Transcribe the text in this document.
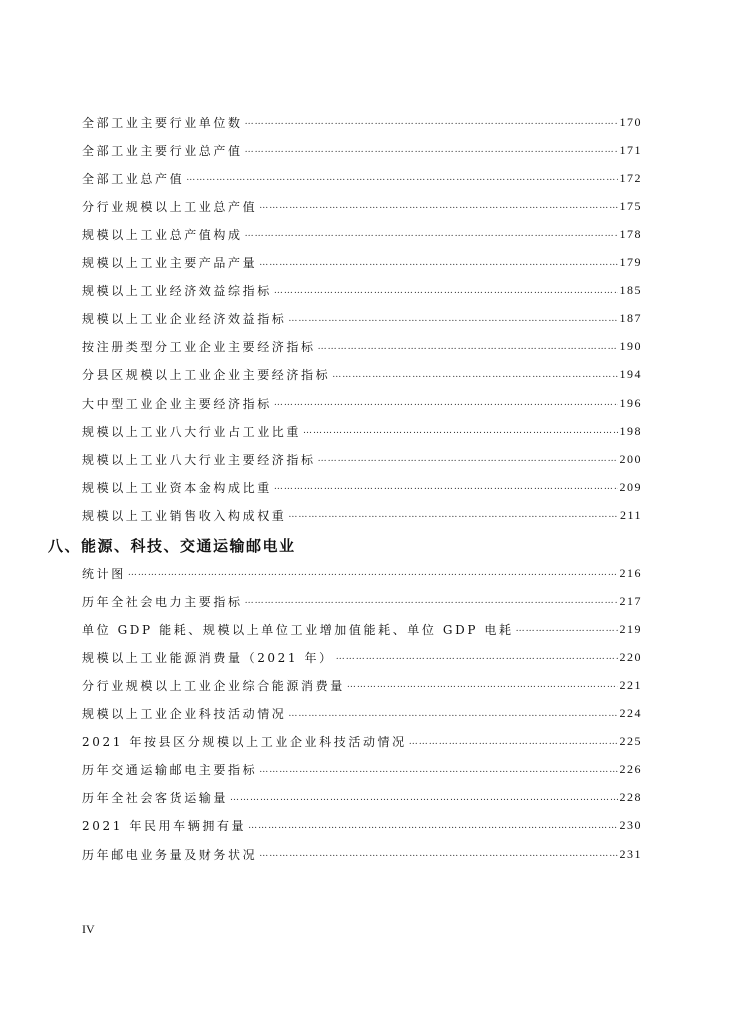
全部工业主要行业单位数 ……………………………………………………………………………………………………………………………………………………………………………………………	170
全部工业主要行业总产值 ……………………………………………………………………………………………………………………………………………………………………………………………	171
全部工业总产值 ……………………………………………………………………………………………………………………………………………………………………………………………	172
分行业规模以上工业总产值 ……………………………………………………………………………………………………………………………………………………………………………………………	175
规模以上工业总产值构成 ……………………………………………………………………………………………………………………………………………………………………………………………	178
规模以上工业主要产品产量 ……………………………………………………………………………………………………………………………………………………………………………………………	179
规模以上工业经济效益综指标 ……………………………………………………………………………………………………………………………………………………………………………………………	185
规模以上工业企业经济效益指标 ……………………………………………………………………………………………………………………………………………………………………………………………	187
按注册类型分工业企业主要经济指标 ……………………………………………………………………………………………………………………………………………………………………………………………	190
分县区规模以上工业企业主要经济指标 ……………………………………………………………………………………………………………………………………………………………………………………………	194
大中型工业企业主要经济指标 ……………………………………………………………………………………………………………………………………………………………………………………………	196
规模以上工业八大行业占工业比重 ……………………………………………………………………………………………………………………………………………………………………………………………	198
规模以上工业八大行业主要经济指标 ……………………………………………………………………………………………………………………………………………………………………………………………	200
规模以上工业资本金构成比重 ……………………………………………………………………………………………………………………………………………………………………………………………	209
规模以上工业销售收入构成权重 ……………………………………………………………………………………………………………………………………………………………………………………………	211
八、能源、科技、交通运输邮电业
统计图 ……………………………………………………………………………………………………………………………………………………………………………………………	216
历年全社会电力主要指标 ……………………………………………………………………………………………………………………………………………………………………………………………	217
单位 GDP 能耗、规模以上单位工业增加值能耗、单位 GDP 电耗 ……………………………………………………………………………………………………………………………………………………………………………………………	219
规模以上工业能源消费量（2021 年） ……………………………………………………………………………………………………………………………………………………………………………………………	220
分行业规模以上工业企业综合能源消费量 ……………………………………………………………………………………………………………………………………………………………………………………………	221
规模以上工业企业科技活动情况 ……………………………………………………………………………………………………………………………………………………………………………………………	224
2021 年按县区分规模以上工业企业科技活动情况 ……………………………………………………………………………………………………………………………………………………………………………………………	225
历年交通运输邮电主要指标 ……………………………………………………………………………………………………………………………………………………………………………………………	226
历年全社会客货运输量 ……………………………………………………………………………………………………………………………………………………………………………………………	228
2021 年民用车辆拥有量 ……………………………………………………………………………………………………………………………………………………………………………………………	230
历年邮电业务量及财务状况 ……………………………………………………………………………………………………………………………………………………………………………………………	231
IV
